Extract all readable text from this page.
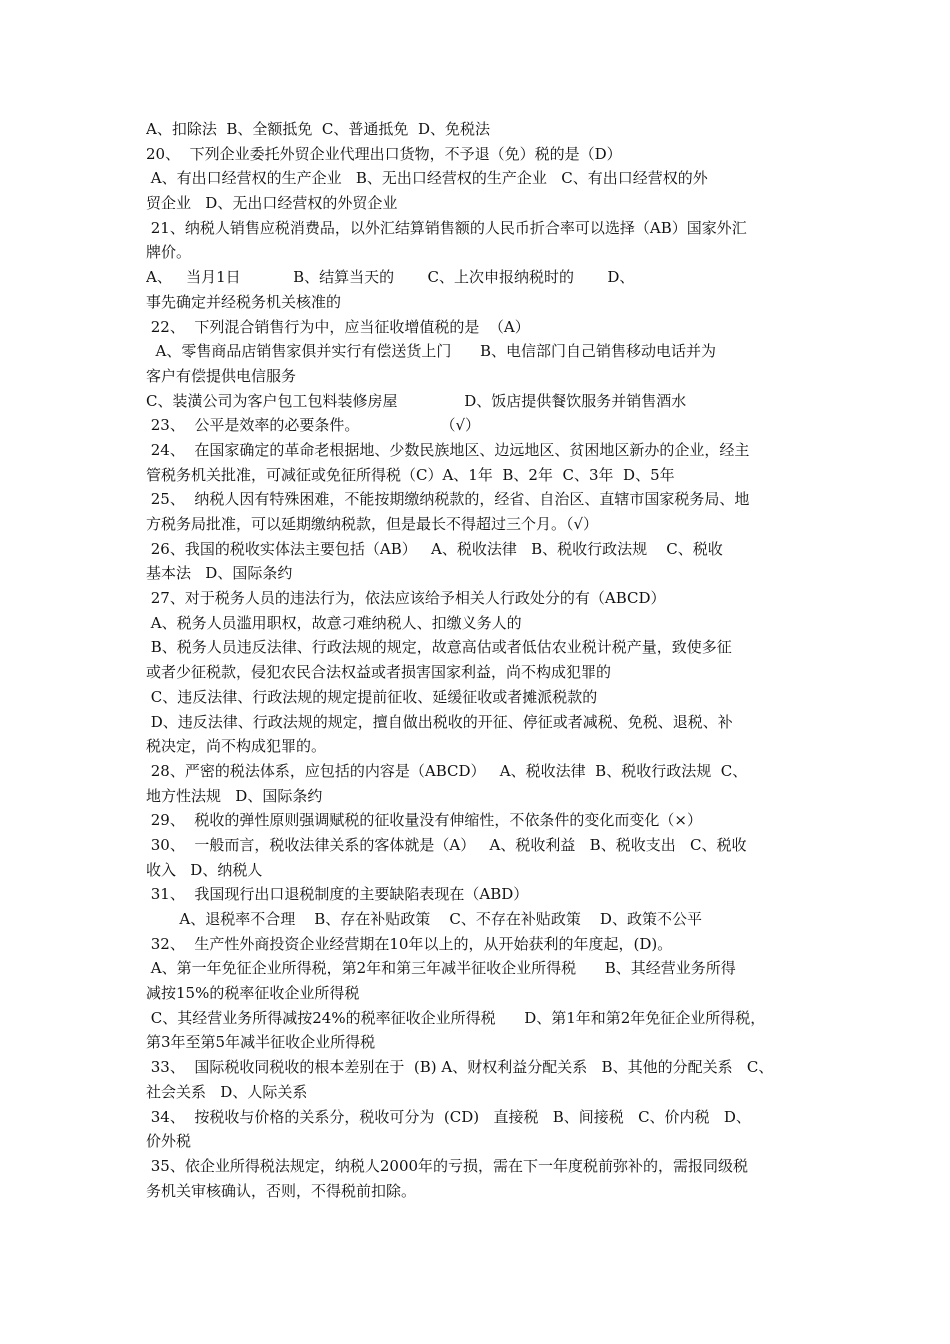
A、扣除法  B、全额抵免  C、普通抵免  D、免税法
20、  下列企业委托外贸企业代理出口货物，不予退（免）税的是（D）
A、有出口经营权的生产企业   B、无出口经营权的生产企业   C、有出口经营权的外
贸企业   D、无出口经营权的外贸企业
21、纳税人销售应税消费品，以外汇结算销售额的人民币折合率可以选择（AB）国家外汇
牌价。
A、   当月1日           B、结算当天的       C、上次申报纳税时的       D、
事先确定并经税务机关核准的
22、  下列混合销售行为中，应当征收增值税的是  （A）
A、零售商品店销售家俱并实行有偿送货上门      B、电信部门自己销售移动电话并为
客户有偿提供电信服务
C、装潢公司为客户包工包料装修房屋              D、饭店提供餐饮服务并销售酒水
23、  公平是效率的必要条件。                 （√）
24、  在国家确定的革命老根据地、少数民族地区、边远地区、贫困地区新办的企业，经主
管税务机关批准，可减征或免征所得税（C）A、1年  B、2年  C、3年  D、5年
25、  纳税人因有特殊困难，不能按期缴纳税款的，经省、自治区、直辖市国家税务局、地
方税务局批准，可以延期缴纳税款，但是最长不得超过三个月。（√）
26、我国的税收实体法主要包括（AB）   A、税收法律   B、税收行政法规    C、税收
基本法   D、国际条约
27、对于税务人员的违法行为，依法应该给予相关人行政处分的有（ABCD）
A、税务人员滥用职权，故意刁难纳税人、扣缴义务人的
B、税务人员违反法律、行政法规的规定，故意高估或者低估农业税计税产量，致使多征
或者少征税款，侵犯农民合法权益或者损害国家利益，尚不构成犯罪的
C、违反法律、行政法规的规定提前征收、延缓征收或者摊派税款的
D、违反法律、行政法规的规定，擅自做出税收的开征、停征或者减税、免税、退税、补
税决定，尚不构成犯罪的。
28、严密的税法体系，应包括的内容是（ABCD）   A、税收法律  B、税收行政法规  C、
地方性法规   D、国际条约
29、  税收的弹性原则强调赋税的征收量没有伸缩性，不依条件的变化而变化（×）
30、  一般而言，税收法律关系的客体就是（A）   A、税收利益   B、税收支出   C、税收
收入   D、纳税人
31、  我国现行出口退税制度的主要缺陷表现在（ABD）
A、退税率不合理    B、存在补贴政策    C、不存在补贴政策    D、政策不公平
32、  生产性外商投资企业经营期在10年以上的，从开始获利的年度起，(D)。
A、第一年免征企业所得税，第2年和第三年减半征收企业所得税      B、其经营业务所得
减按15%的税率征收企业所得税
C、其经营业务所得减按24%的税率征收企业所得税      D、第1年和第2年免征企业所得税，
第3年至第5年减半征收企业所得税
33、  国际税收同税收的根本差别在于  (B) A、财权利益分配关系   B、其他的分配关系   C、
社会关系   D、人际关系
34、  按税收与价格的关系分，税收可分为  (CD)   直接税   B、间接税   C、价内税   D、
价外税
35、依企业所得税法规定，纳税人2000年的亏损，需在下一年度税前弥补的，需报同级税
务机关审核确认，否则，不得税前扣除。
